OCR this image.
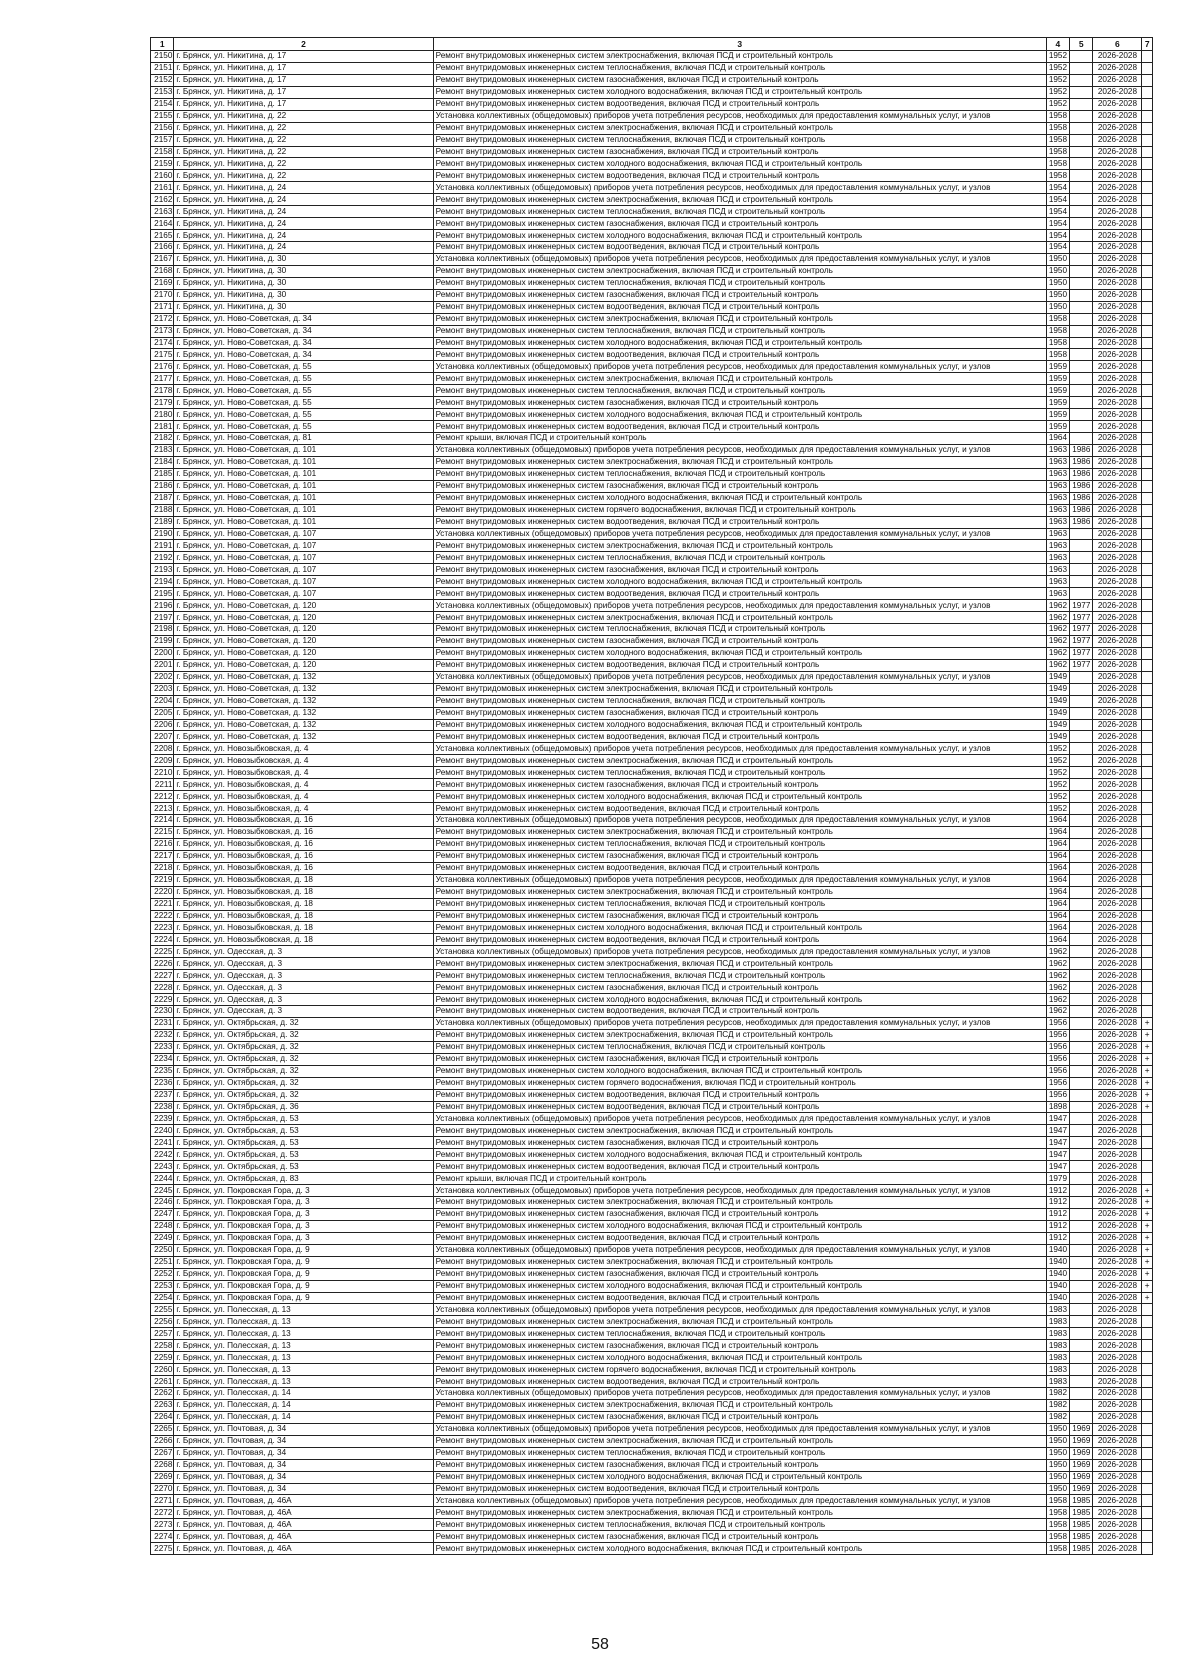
1	2	3	4	5	6	7
2150	г. Брянск, ул. Никитина, д. 17	Ремонт внутридомовых инженерных систем электроснабжения, включая ПСД и строительный контроль	1952		2026-2028	
2151	г. Брянск, ул. Никитина, д. 17	Ремонт внутридомовых инженерных систем теплоснабжения, включая ПСД и строительный контроль	1952		2026-2028	
2152	г. Брянск, ул. Никитина, д. 17	Ремонт внутридомовых инженерных систем газоснабжения, включая ПСД и строительный контроль	1952		2026-2028	
2153	г. Брянск, ул. Никитина, д. 17	Ремонт внутридомовых инженерных систем холодного водоснабжения, включая ПСД и строительный контроль	1952		2026-2028	
2154	г. Брянск, ул. Никитина, д. 17	Ремонт внутридомовых инженерных систем водоотведения, включая ПСД и строительный контроль	1952		2026-2028	
2155	г. Брянск, ул. Никитина, д. 22	Установка коллективных (общедомовых) приборов учета потребления ресурсов, необходимых для предоставления коммунальных услуг, и узлов	1958		2026-2028	
2156	г. Брянск, ул. Никитина, д. 22	Ремонт внутридомовых инженерных систем электроснабжения, включая ПСД и строительный контроль	1958		2026-2028	
2157	г. Брянск, ул. Никитина, д. 22	Ремонт внутридомовых инженерных систем теплоснабжения, включая ПСД и строительный контроль	1958		2026-2028	
2158	г. Брянск, ул. Никитина, д. 22	Ремонт внутридомовых инженерных систем газоснабжения, включая ПСД и строительный контроль	1958		2026-2028	
2159	г. Брянск, ул. Никитина, д. 22	Ремонт внутридомовых инженерных систем холодного водоснабжения, включая ПСД и строительный контроль	1958		2026-2028	
2160	г. Брянск, ул. Никитина, д. 22	Ремонт внутридомовых инженерных систем водоотведения, включая ПСД и строительный контроль	1958		2026-2028	
2161	г. Брянск, ул. Никитина, д. 24	Установка коллективных (общедомовых) приборов учета потребления ресурсов, необходимых для предоставления коммунальных услуг, и узлов	1954		2026-2028	
2162	г. Брянск, ул. Никитина, д. 24	Ремонт внутридомовых инженерных систем электроснабжения, включая ПСД и строительный контроль	1954		2026-2028	
2163	г. Брянск, ул. Никитина, д. 24	Ремонт внутридомовых инженерных систем теплоснабжения, включая ПСД и строительный контроль	1954		2026-2028	
2164	г. Брянск, ул. Никитина, д. 24	Ремонт внутридомовых инженерных систем газоснабжения, включая ПСД и строительный контроль	1954		2026-2028	
2165	г. Брянск, ул. Никитина, д. 24	Ремонт внутридомовых инженерных систем холодного водоснабжения, включая ПСД и строительный контроль	1954		2026-2028	
2166	г. Брянск, ул. Никитина, д. 24	Ремонт внутридомовых инженерных систем водоотведения, включая ПСД и строительный контроль	1954		2026-2028	
2167	г. Брянск, ул. Никитина, д. 30	Установка коллективных (общедомовых) приборов учета потребления ресурсов, необходимых для предоставления коммунальных услуг, и узлов	1950		2026-2028	
2168	г. Брянск, ул. Никитина, д. 30	Ремонт внутридомовых инженерных систем электроснабжения, включая ПСД и строительный контроль	1950		2026-2028	
2169	г. Брянск, ул. Никитина, д. 30	Ремонт внутридомовых инженерных систем теплоснабжения, включая ПСД и строительный контроль	1950		2026-2028	
2170	г. Брянск, ул. Никитина, д. 30	Ремонт внутридомовых инженерных систем газоснабжения, включая ПСД и строительный контроль	1950		2026-2028	
2171	г. Брянск, ул. Никитина, д. 30	Ремонт внутридомовых инженерных систем водоотведения, включая ПСД и строительный контроль	1950		2026-2028	
2172	г. Брянск, ул. Ново-Советская, д. 34	Ремонт внутридомовых инженерных систем электроснабжения, включая ПСД и строительный контроль	1958		2026-2028	
2173	г. Брянск, ул. Ново-Советская, д. 34	Ремонт внутридомовых инженерных систем теплоснабжения, включая ПСД и строительный контроль	1958		2026-2028	
2174	г. Брянск, ул. Ново-Советская, д. 34	Ремонт внутридомовых инженерных систем холодного водоснабжения, включая ПСД и строительный контроль	1958		2026-2028	
2175	г. Брянск, ул. Ново-Советская, д. 34	Ремонт внутридомовых инженерных систем водоотведения, включая ПСД и строительный контроль	1958		2026-2028	
2176	г. Брянск, ул. Ново-Советская, д. 55	Установка коллективных (общедомовых) приборов учета потребления ресурсов, необходимых для предоставления коммунальных услуг, и узлов	1959		2026-2028	
2177	г. Брянск, ул. Ново-Советская, д. 55	Ремонт внутридомовых инженерных систем электроснабжения, включая ПСД и строительный контроль	1959		2026-2028	
2178	г. Брянск, ул. Ново-Советская, д. 55	Ремонт внутридомовых инженерных систем теплоснабжения, включая ПСД и строительный контроль	1959		2026-2028	
2179	г. Брянск, ул. Ново-Советская, д. 55	Ремонт внутридомовых инженерных систем газоснабжения, включая ПСД и строительный контроль	1959		2026-2028	
2180	г. Брянск, ул. Ново-Советская, д. 55	Ремонт внутридомовых инженерных систем холодного водоснабжения, включая ПСД и строительный контроль	1959		2026-2028	
2181	г. Брянск, ул. Ново-Советская, д. 55	Ремонт внутридомовых инженерных систем водоотведения, включая ПСД и строительный контроль	1959		2026-2028	
2182	г. Брянск, ул. Ново-Советская, д. 81	Ремонт крыши, включая ПСД и строительный контроль	1964		2026-2028	
2183	г. Брянск, ул. Ново-Советская, д. 101	Установка коллективных (общедомовых) приборов учета потребления ресурсов, необходимых для предоставления коммунальных услуг, и узлов	1963	1986	2026-2028	
2184	г. Брянск, ул. Ново-Советская, д. 101	Ремонт внутридомовых инженерных систем электроснабжения, включая ПСД и строительный контроль	1963	1986	2026-2028	
2185	г. Брянск, ул. Ново-Советская, д. 101	Ремонт внутридомовых инженерных систем теплоснабжения, включая ПСД и строительный контроль	1963	1986	2026-2028	
2186	г. Брянск, ул. Ново-Советская, д. 101	Ремонт внутридомовых инженерных систем газоснабжения, включая ПСД и строительный контроль	1963	1986	2026-2028	
2187	г. Брянск, ул. Ново-Советская, д. 101	Ремонт внутридомовых инженерных систем холодного водоснабжения, включая ПСД и строительный контроль	1963	1986	2026-2028	
2188	г. Брянск, ул. Ново-Советская, д. 101	Ремонт внутридомовых инженерных систем горячего водоснабжения, включая ПСД и строительный контроль	1963	1986	2026-2028	
2189	г. Брянск, ул. Ново-Советская, д. 101	Ремонт внутридомовых инженерных систем водоотведения, включая ПСД и строительный контроль	1963	1986	2026-2028	
2190	г. Брянск, ул. Ново-Советская, д. 107	Установка коллективных (общедомовых) приборов учета потребления ресурсов, необходимых для предоставления коммунальных услуг, и узлов	1963		2026-2028	
2191	г. Брянск, ул. Ново-Советская, д. 107	Ремонт внутридомовых инженерных систем электроснабжения, включая ПСД и строительный контроль	1963		2026-2028	
2192	г. Брянск, ул. Ново-Советская, д. 107	Ремонт внутридомовых инженерных систем теплоснабжения, включая ПСД и строительный контроль	1963		2026-2028	
2193	г. Брянск, ул. Ново-Советская, д. 107	Ремонт внутридомовых инженерных систем газоснабжения, включая ПСД и строительный контроль	1963		2026-2028	
2194	г. Брянск, ул. Ново-Советская, д. 107	Ремонт внутридомовых инженерных систем холодного водоснабжения, включая ПСД и строительный контроль	1963		2026-2028	
2195	г. Брянск, ул. Ново-Советская, д. 107	Ремонт внутридомовых инженерных систем водоотведения, включая ПСД и строительный контроль	1963		2026-2028	
2196	г. Брянск, ул. Ново-Советская, д. 120	Установка коллективных (общедомовых) приборов учета потребления ресурсов, необходимых для предоставления коммунальных услуг, и узлов	1962	1977	2026-2028	
2197	г. Брянск, ул. Ново-Советская, д. 120	Ремонт внутридомовых инженерных систем электроснабжения, включая ПСД и строительный контроль	1962	1977	2026-2028	
2198	г. Брянск, ул. Ново-Советская, д. 120	Ремонт внутридомовых инженерных систем теплоснабжения, включая ПСД и строительный контроль	1962	1977	2026-2028	
2199	г. Брянск, ул. Ново-Советская, д. 120	Ремонт внутридомовых инженерных систем газоснабжения, включая ПСД и строительный контроль	1962	1977	2026-2028	
2200	г. Брянск, ул. Ново-Советская, д. 120	Ремонт внутридомовых инженерных систем холодного водоснабжения, включая ПСД и строительный контроль	1962	1977	2026-2028	
2201	г. Брянск, ул. Ново-Советская, д. 120	Ремонт внутридомовых инженерных систем водоотведения, включая ПСД и строительный контроль	1962	1977	2026-2028	
2202	г. Брянск, ул. Ново-Советская, д. 132	Установка коллективных (общедомовых) приборов учета потребления ресурсов, необходимых для предоставления коммунальных услуг, и узлов	1949		2026-2028	
2203	г. Брянск, ул. Ново-Советская, д. 132	Ремонт внутридомовых инженерных систем электроснабжения, включая ПСД и строительный контроль	1949		2026-2028	
2204	г. Брянск, ул. Ново-Советская, д. 132	Ремонт внутридомовых инженерных систем теплоснабжения, включая ПСД и строительный контроль	1949		2026-2028	
2205	г. Брянск, ул. Ново-Советская, д. 132	Ремонт внутридомовых инженерных систем газоснабжения, включая ПСД и строительный контроль	1949		2026-2028	
2206	г. Брянск, ул. Ново-Советская, д. 132	Ремонт внутридомовых инженерных систем холодного водоснабжения, включая ПСД и строительный контроль	1949		2026-2028	
2207	г. Брянск, ул. Ново-Советская, д. 132	Ремонт внутридомовых инженерных систем водоотведения, включая ПСД и строительный контроль	1949		2026-2028	
2208	г. Брянск, ул. Новозыбковская, д. 4	Установка коллективных (общедомовых) приборов учета потребления ресурсов, необходимых для предоставления коммунальных услуг, и узлов	1952		2026-2028	
2209	г. Брянск, ул. Новозыбковская, д. 4	Ремонт внутридомовых инженерных систем электроснабжения, включая ПСД и строительный контроль	1952		2026-2028	
2210	г. Брянск, ул. Новозыбковская, д. 4	Ремонт внутридомовых инженерных систем теплоснабжения, включая ПСД и строительный контроль	1952		2026-2028	
2211	г. Брянск, ул. Новозыбковская, д. 4	Ремонт внутридомовых инженерных систем газоснабжения, включая ПСД и строительный контроль	1952		2026-2028	
2212	г. Брянск, ул. Новозыбковская, д. 4	Ремонт внутридомовых инженерных систем холодного водоснабжения, включая ПСД и строительный контроль	1952		2026-2028	
2213	г. Брянск, ул. Новозыбковская, д. 4	Ремонт внутридомовых инженерных систем водоотведения, включая ПСД и строительный контроль	1952		2026-2028	
2214	г. Брянск, ул. Новозыбковская, д. 16	Установка коллективных (общедомовых) приборов учета потребления ресурсов, необходимых для предоставления коммунальных услуг, и узлов	1964		2026-2028	
2215	г. Брянск, ул. Новозыбковская, д. 16	Ремонт внутридомовых инженерных систем электроснабжения, включая ПСД и строительный контроль	1964		2026-2028	
2216	г. Брянск, ул. Новозыбковская, д. 16	Ремонт внутридомовых инженерных систем теплоснабжения, включая ПСД и строительный контроль	1964		2026-2028	
2217	г. Брянск, ул. Новозыбковская, д. 16	Ремонт внутридомовых инженерных систем газоснабжения, включая ПСД и строительный контроль	1964		2026-2028	
2218	г. Брянск, ул. Новозыбковская, д. 16	Ремонт внутридомовых инженерных систем водоотведения, включая ПСД и строительный контроль	1964		2026-2028	
2219	г. Брянск, ул. Новозыбковская, д. 18	Установка коллективных (общедомовых) приборов учета потребления ресурсов, необходимых для предоставления коммунальных услуг, и узлов	1964		2026-2028	
2220	г. Брянск, ул. Новозыбковская, д. 18	Ремонт внутридомовых инженерных систем электроснабжения, включая ПСД и строительный контроль	1964		2026-2028	
2221	г. Брянск, ул. Новозыбковская, д. 18	Ремонт внутридомовых инженерных систем теплоснабжения, включая ПСД и строительный контроль	1964		2026-2028	
2222	г. Брянск, ул. Новозыбковская, д. 18	Ремонт внутридомовых инженерных систем газоснабжения, включая ПСД и строительный контроль	1964		2026-2028	
2223	г. Брянск, ул. Новозыбковская, д. 18	Ремонт внутридомовых инженерных систем холодного водоснабжения, включая ПСД и строительный контроль	1964		2026-2028	
2224	г. Брянск, ул. Новозыбковская, д. 18	Ремонт внутридомовых инженерных систем водоотведения, включая ПСД и строительный контроль	1964		2026-2028	
2225	г. Брянск, ул. Одесская, д. 3	Установка коллективных (общедомовых) приборов учета потребления ресурсов, необходимых для предоставления коммунальных услуг, и узлов	1962		2026-2028	
2226	г. Брянск, ул. Одесская, д. 3	Ремонт внутридомовых инженерных систем электроснабжения, включая ПСД и строительный контроль	1962		2026-2028	
2227	г. Брянск, ул. Одесская, д. 3	Ремонт внутридомовых инженерных систем теплоснабжения, включая ПСД и строительный контроль	1962		2026-2028	
2228	г. Брянск, ул. Одесская, д. 3	Ремонт внутридомовых инженерных систем газоснабжения, включая ПСД и строительный контроль	1962		2026-2028	
2229	г. Брянск, ул. Одесская, д. 3	Ремонт внутридомовых инженерных систем холодного водоснабжения, включая ПСД и строительный контроль	1962		2026-2028	
2230	г. Брянск, ул. Одесская, д. 3	Ремонт внутридомовых инженерных систем водоотведения, включая ПСД и строительный контроль	1962		2026-2028	
2231	г. Брянск, ул. Октябрьская, д. 32	Установка коллективных (общедомовых) приборов учета потребления ресурсов, необходимых для предоставления коммунальных услуг, и узлов	1956		2026-2028	+
2232	г. Брянск, ул. Октябрьская, д. 32	Ремонт внутридомовых инженерных систем электроснабжения, включая ПСД и строительный контроль	1956		2026-2028	+
2233	г. Брянск, ул. Октябрьская, д. 32	Ремонт внутридомовых инженерных систем теплоснабжения, включая ПСД и строительный контроль	1956		2026-2028	+
2234	г. Брянск, ул. Октябрьская, д. 32	Ремонт внутридомовых инженерных систем газоснабжения, включая ПСД и строительный контроль	1956		2026-2028	+
2235	г. Брянск, ул. Октябрьская, д. 32	Ремонт внутридомовых инженерных систем холодного водоснабжения, включая ПСД и строительный контроль	1956		2026-2028	+
2236	г. Брянск, ул. Октябрьская, д. 32	Ремонт внутридомовых инженерных систем горячего водоснабжения, включая ПСД и строительный контроль	1956		2026-2028	+
2237	г. Брянск, ул. Октябрьская, д. 32	Ремонт внутридомовых инженерных систем водоотведения, включая ПСД и строительный контроль	1956		2026-2028	+
2238	г. Брянск, ул. Октябрьская, д. 36	Ремонт внутридомовых инженерных систем водоотведения, включая ПСД и строительный контроль	1898		2026-2028	+
2239	г. Брянск, ул. Октябрьская, д. 53	Установка коллективных (общедомовых) приборов учета потребления ресурсов, необходимых для предоставления коммунальных услуг, и узлов	1947		2026-2028	
2240	г. Брянск, ул. Октябрьская, д. 53	Ремонт внутридомовых инженерных систем электроснабжения, включая ПСД и строительный контроль	1947		2026-2028	
2241	г. Брянск, ул. Октябрьская, д. 53	Ремонт внутридомовых инженерных систем газоснабжения, включая ПСД и строительный контроль	1947		2026-2028	
2242	г. Брянск, ул. Октябрьская, д. 53	Ремонт внутридомовых инженерных систем холодного водоснабжения, включая ПСД и строительный контроль	1947		2026-2028	
2243	г. Брянск, ул. Октябрьская, д. 53	Ремонт внутридомовых инженерных систем водоотведения, включая ПСД и строительный контроль	1947		2026-2028	
2244	г. Брянск, ул. Октябрьская, д. 83	Ремонт крыши, включая ПСД и строительный контроль	1979		2026-2028	
2245	г. Брянск, ул. Покровская Гора, д. 3	Установка коллективных (общедомовых) приборов учета потребления ресурсов, необходимых для предоставления коммунальных услуг, и узлов	1912		2026-2028	+
2246	г. Брянск, ул. Покровская Гора, д. 3	Ремонт внутридомовых инженерных систем электроснабжения, включая ПСД и строительный контроль	1912		2026-2028	+
2247	г. Брянск, ул. Покровская Гора, д. 3	Ремонт внутридомовых инженерных систем газоснабжения, включая ПСД и строительный контроль	1912		2026-2028	+
2248	г. Брянск, ул. Покровская Гора, д. 3	Ремонт внутридомовых инженерных систем холодного водоснабжения, включая ПСД и строительный контроль	1912		2026-2028	+
2249	г. Брянск, ул. Покровская Гора, д. 3	Ремонт внутридомовых инженерных систем водоотведения, включая ПСД и строительный контроль	1912		2026-2028	+
2250	г. Брянск, ул. Покровская Гора, д. 9	Установка коллективных (общедомовых) приборов учета потребления ресурсов, необходимых для предоставления коммунальных услуг, и узлов	1940		2026-2028	+
2251	г. Брянск, ул. Покровская Гора, д. 9	Ремонт внутридомовых инженерных систем электроснабжения, включая ПСД и строительный контроль	1940		2026-2028	+
2252	г. Брянск, ул. Покровская Гора, д. 9	Ремонт внутридомовых инженерных систем газоснабжения, включая ПСД и строительный контроль	1940		2026-2028	+
2253	г. Брянск, ул. Покровская Гора, д. 9	Ремонт внутридомовых инженерных систем холодного водоснабжения, включая ПСД и строительный контроль	1940		2026-2028	+
2254	г. Брянск, ул. Покровская Гора, д. 9	Ремонт внутридомовых инженерных систем водоотведения, включая ПСД и строительный контроль	1940		2026-2028	+
2255	г. Брянск, ул. Полесская, д. 13	Установка коллективных (общедомовых) приборов учета потребления ресурсов, необходимых для предоставления коммунальных услуг, и узлов	1983		2026-2028	
2256	г. Брянск, ул. Полесская, д. 13	Ремонт внутридомовых инженерных систем электроснабжения, включая ПСД и строительный контроль	1983		2026-2028	
2257	г. Брянск, ул. Полесская, д. 13	Ремонт внутридомовых инженерных систем теплоснабжения, включая ПСД и строительный контроль	1983		2026-2028	
2258	г. Брянск, ул. Полесская, д. 13	Ремонт внутридомовых инженерных систем газоснабжения, включая ПСД и строительный контроль	1983		2026-2028	
2259	г. Брянск, ул. Полесская, д. 13	Ремонт внутридомовых инженерных систем холодного водоснабжения, включая ПСД и строительный контроль	1983		2026-2028	
2260	г. Брянск, ул. Полесская, д. 13	Ремонт внутридомовых инженерных систем горячего водоснабжения, включая ПСД и строительный контроль	1983		2026-2028	
2261	г. Брянск, ул. Полесская, д. 13	Ремонт внутридомовых инженерных систем водоотведения, включая ПСД и строительный контроль	1983		2026-2028	
2262	г. Брянск, ул. Полесская, д. 14	Установка коллективных (общедомовых) приборов учета потребления ресурсов, необходимых для предоставления коммунальных услуг, и узлов	1982		2026-2028	
2263	г. Брянск, ул. Полесская, д. 14	Ремонт внутридомовых инженерных систем электроснабжения, включая ПСД и строительный контроль	1982		2026-2028	
2264	г. Брянск, ул. Полесская, д. 14	Ремонт внутридомовых инженерных систем газоснабжения, включая ПСД и строительный контроль	1982		2026-2028	
2265	г. Брянск, ул. Почтовая, д. 34	Установка коллективных (общедомовых) приборов учета потребления ресурсов, необходимых для предоставления коммунальных услуг, и узлов	1950	1969	2026-2028	
2266	г. Брянск, ул. Почтовая, д. 34	Ремонт внутридомовых инженерных систем электроснабжения, включая ПСД и строительный контроль	1950	1969	2026-2028	
2267	г. Брянск, ул. Почтовая, д. 34	Ремонт внутридомовых инженерных систем теплоснабжения, включая ПСД и строительный контроль	1950	1969	2026-2028	
2268	г. Брянск, ул. Почтовая, д. 34	Ремонт внутридомовых инженерных систем газоснабжения, включая ПСД и строительный контроль	1950	1969	2026-2028	
2269	г. Брянск, ул. Почтовая, д. 34	Ремонт внутридомовых инженерных систем холодного водоснабжения, включая ПСД и строительный контроль	1950	1969	2026-2028	
2270	г. Брянск, ул. Почтовая, д. 34	Ремонт внутридомовых инженерных систем водоотведения, включая ПСД и строительный контроль	1950	1969	2026-2028	
2271	г. Брянск, ул. Почтовая, д. 46А	Установка коллективных (общедомовых) приборов учета потребления ресурсов, необходимых для предоставления коммунальных услуг, и узлов	1958	1985	2026-2028	
2272	г. Брянск, ул. Почтовая, д. 46А	Ремонт внутридомовых инженерных систем электроснабжения, включая ПСД и строительный контроль	1958	1985	2026-2028	
2273	г. Брянск, ул. Почтовая, д. 46А	Ремонт внутридомовых инженерных систем теплоснабжения, включая ПСД и строительный контроль	1958	1985	2026-2028	
2274	г. Брянск, ул. Почтовая, д. 46А	Ремонт внутридомовых инженерных систем газоснабжения, включая ПСД и строительный контроль	1958	1985	2026-2028	
2275	г. Брянск, ул. Почтовая, д. 46А	Ремонт внутридомовых инженерных систем холодного водоснабжения, включая ПСД и строительный контроль	1958	1985	2026-2028	
58
